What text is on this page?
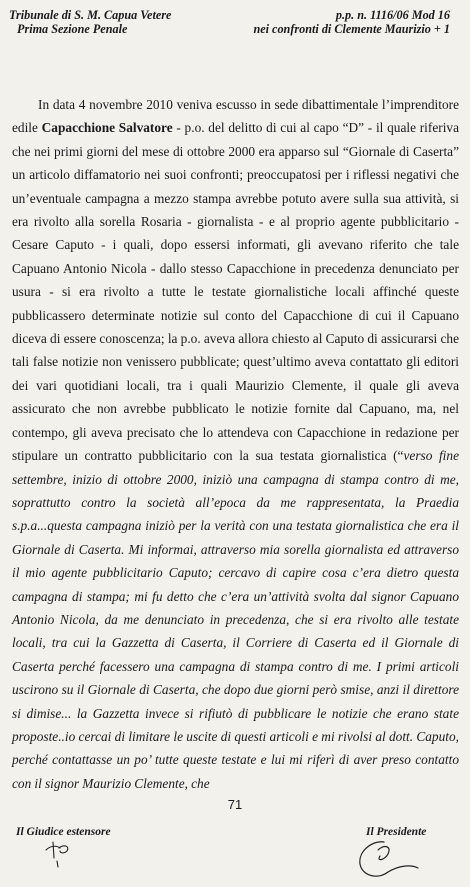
Tribunale di S. M. Capua Vetere
Prima Sezione Penale
p.p. n. 1116/06 Mod 16
nei confronti di Clemente Maurizio + 1

In data 4 novembre 2010 veniva escusso in sede dibattimentale l’imprenditore edile Capacchione Salvatore - p.o. del delitto di cui al capo “D” - il quale riferiva che nei primi giorni del mese di ottobre 2000 era apparso sul “Giornale di Caserta” un articolo diffamatorio nei suoi confronti; preoccupatosi per i riflessi negativi che un’eventuale campagna a mezzo stampa avrebbe potuto avere sulla sua attività, si era rivolto alla sorella Rosaria - giornalista - e al proprio agente pubblicitario - Cesare Caputo - i quali, dopo essersi informati, gli avevano riferito che tale Capuano Antonio Nicola - dallo stesso Capacchione in precedenza denunciato per usura - si era rivolto a tutte le testate giornalistiche locali affinché queste pubblicassero determinate notizie sul conto del Capacchione di cui il Capuano diceva di essere conoscenza; la p.o. aveva allora chiesto al Caputo di assicurarsi che tali false notizie non venissero pubblicate; quest’ultimo aveva contattato gli editori dei vari quotidiani locali, tra i quali Maurizio Clemente, il quale gli aveva assicurato che non avrebbe pubblicato le notizie fornite dal Capuano, ma, nel contempo, gli aveva precisato che lo attendeva con Capacchione in redazione per stipulare un contratto pubblicitario con la sua testata giornalistica (“verso fine settembre, inizio di ottobre 2000, iniziò una campagna di stampa contro di me, soprattutto contro la società all’epoca da me rappresentata, la Praedia s.p.a...questa campagna iniziò per la verità con una testata giornalistica che era il Giornale di Caserta. Mi informai, attraverso mia sorella giornalista ed attraverso il mio agente pubblicitario Caputo; cercavo di capire cosa c’era dietro questa campagna di stampa; mi fu detto che c’era un’attività svolta dal signor Capuano Antonio Nicola, da me denunciato in precedenza, che si era rivolto alle testate locali, tra cui la Gazzetta di Caserta, il Corriere di Caserta ed il Giornale di Caserta perché facessero una campagna di stampa contro di me. I primi articoli uscirono su il Giornale di Caserta, che dopo due giorni però smise, anzi il direttore si dimise... la Gazzetta invece si rifiutò di pubblicare le notizie che erano state proposte..io cercai di limitare le uscite di questi articoli e mi rivolsi al dott. Caputo, perché contattasse un po’ tutte queste testate e lui mi riferì di aver preso contatto con il signor Maurizio Clemente, che

71
Il Giudice estensore	Il Presidente
